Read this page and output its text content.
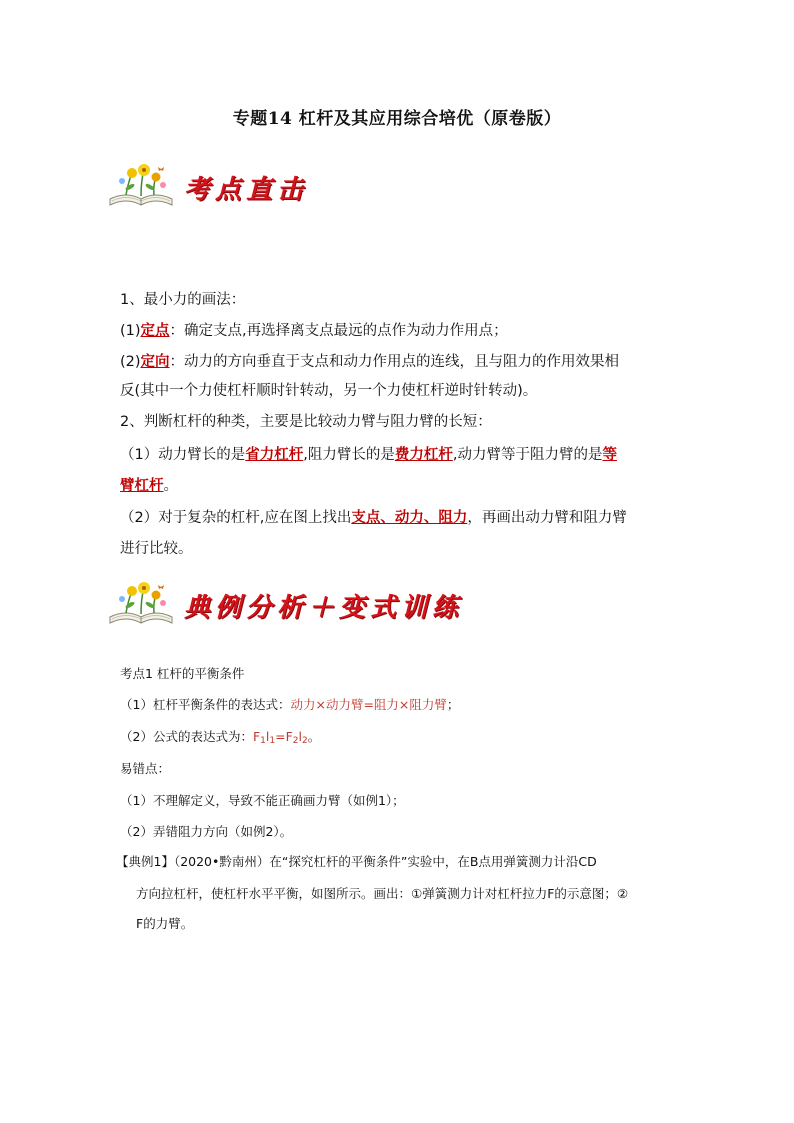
专题14 杠杆及其应用综合培优（原卷版）
考点直击
1、最小力的画法：
(1)定点：确定支点,再选择离支点最远的点作为动力作用点；
(2)定向：动力的方向垂直于支点和动力作用点的连线，且与阻力的作用效果相
反(其中一个力使杠杆顺时针转动，另一个力使杠杆逆时针转动)。
2、判断杠杆的种类，主要是比较动力臂与阻力臂的长短：
（1）动力臂长的是省力杠杆,阻力臂长的是费力杠杆,动力臂等于阻力臂的是等
臂杠杆。
（2）对于复杂的杠杆,应在图上找出支点、动力、阻力，再画出动力臂和阻力臂
进行比较。
典例分析＋变式训练
考点1 杠杆的平衡条件
（1）杠杆平衡条件的表达式：动力×动力臂=阻力×阻力臂；
（2）公式的表达式为：$F_1l_1=F_2l_2$。
易错点：
（1）不理解定义，导致不能正确画力臂（如例1）；
（2）弄错阻力方向（如例2）。
【典例1】（2020•黔南州）在“探究杠杆的平衡条件”实验中，在B点用弹簧测力计沿CD
方向拉杠杆，使杠杆水平平衡，如图所示。画出：①弹簧测力计对杠杆拉力F的示意图；②
F的力臂。
